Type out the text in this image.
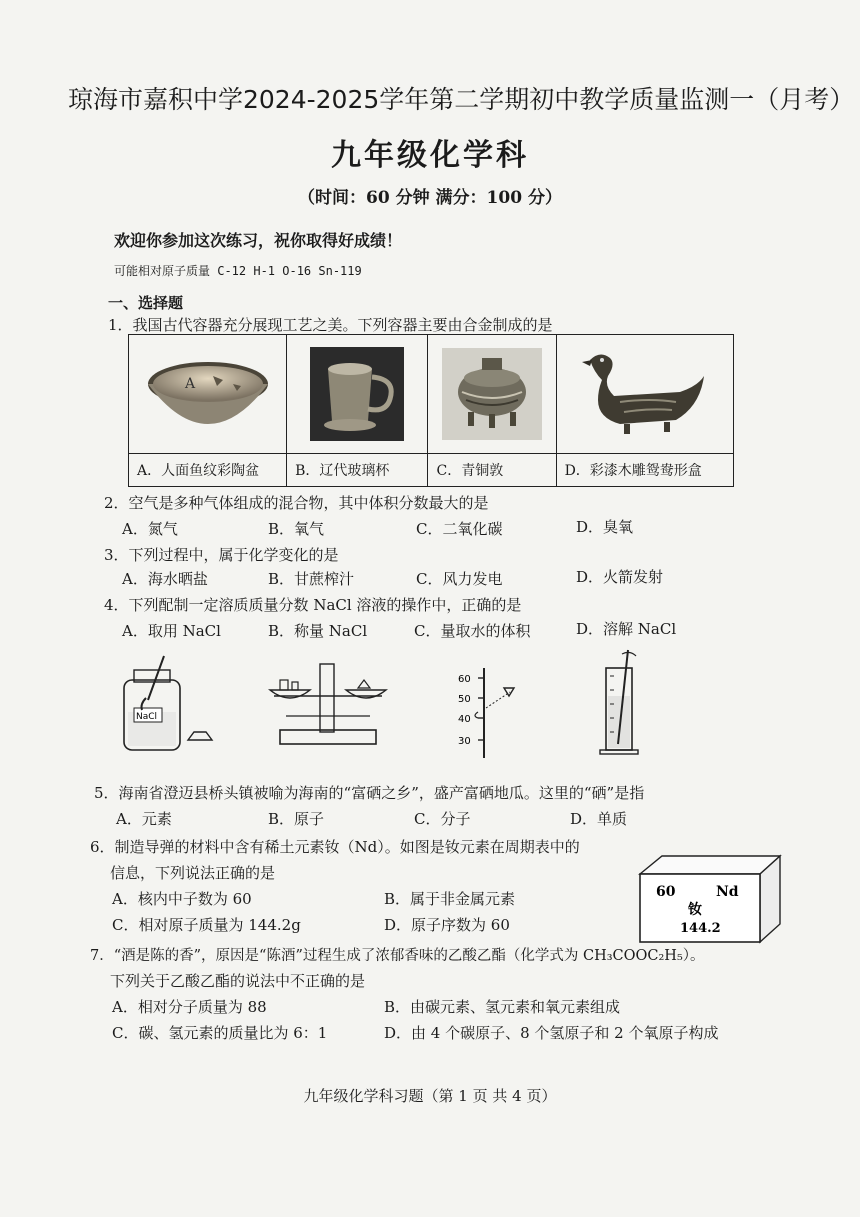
琼海市嘉积中学2024-2025学年第二学期初中教学质量监测一（月考）
九年级化学科
（时间：60 分钟 满分：100 分）
欢迎你参加这次练习，祝你取得好成绩！
可能相对原子质量 C-12 H-1 O-16 Sn-119
一、选择题
1．我国古代容器充分展现工艺之美。下列容器主要由合金制成的是
A

A．人面鱼纹彩陶盆	B．辽代玻璃杯	C．青铜敦	D．彩漆木雕鸳鸯形盒
2．空气是多种气体组成的混合物，其中体积分数最大的是
A．氮气	B．氧气	C．二氧化碳	D．臭氧
3．下列过程中，属于化学变化的是
A．海水晒盐	B．甘蔗榨汁	C．风力发电	D．火箭发射
4．下列配制一定溶质质量分数 NaCl 溶液的操作中，正确的是
A．取用 NaCl	B．称量 NaCl	C．量取水的体积	D．溶解 NaCl
NaCl
60
50
40
30
5．海南省澄迈县桥头镇被喻为海南的“富硒之乡”，盛产富硒地瓜。这里的“硒”是指
A．元素	B．原子	C．分子	D．单质
6．制造导弹的材料中含有稀土元素钕（Nd）。如图是钕元素在周期表中的
信息，下列说法正确的是
A．核内中子数为 60	B．属于非金属元素
C．相对原子质量为 144.2g	D．原子序数为 60
60	Nd
钕
144.2
7．“酒是陈的香”，原因是“陈酒”过程生成了浓郁香味的乙酸乙酯（化学式为 CH₃COOC₂H₅）。
下列关于乙酸乙酯的说法中不正确的是
A．相对分子质量为 88	B．由碳元素、氢元素和氧元素组成
C．碳、氢元素的质量比为 6：1	D．由 4 个碳原子、8 个氢原子和 2 个氧原子构成
九年级化学科习题（第 1 页 共 4 页）
